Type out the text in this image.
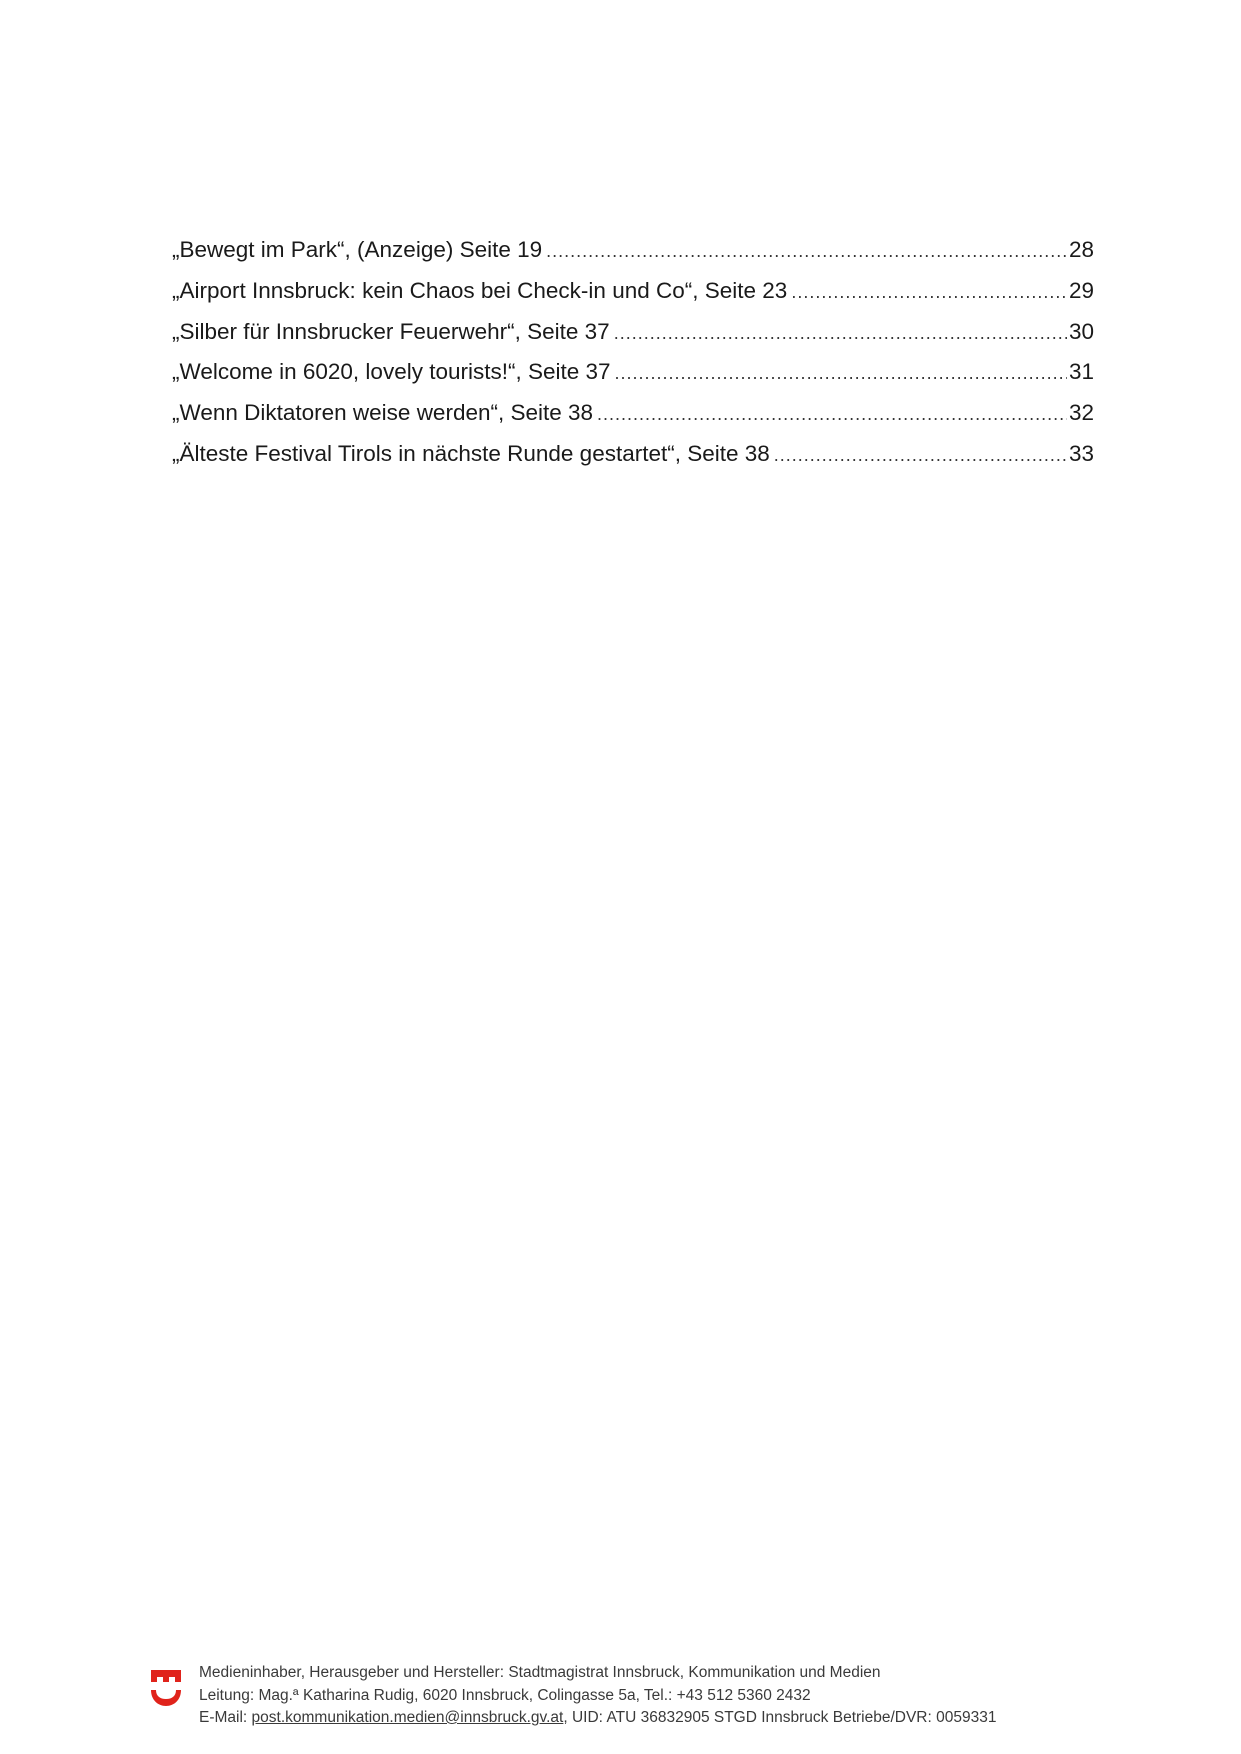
„Bewegt im Park“, (Anzeige) Seite 19 .....	28
„Airport Innsbruck: kein Chaos bei Check-in und Co“, Seite 23 .....	29
„Silber für Innsbrucker Feuerwehr“, Seite 37 .....	30
„Welcome in 6020, lovely tourists!“, Seite 37 .....	31
„Wenn Diktatoren weise werden“, Seite 38 .....	32
„Älteste Festival Tirols in nächste Runde gestartet“, Seite 38 .....	33
Medieninhaber, Herausgeber und Hersteller: Stadtmagistrat Innsbruck, Kommunikation und Medien
Leitung: Mag.ª Katharina Rudig, 6020 Innsbruck, Colingasse 5a, Tel.: +43 512 5360 2432
E-Mail: post.kommunikation.medien@innsbruck.gv.at, UID: ATU 36832905 STGD Innsbruck Betriebe/DVR: 0059331
